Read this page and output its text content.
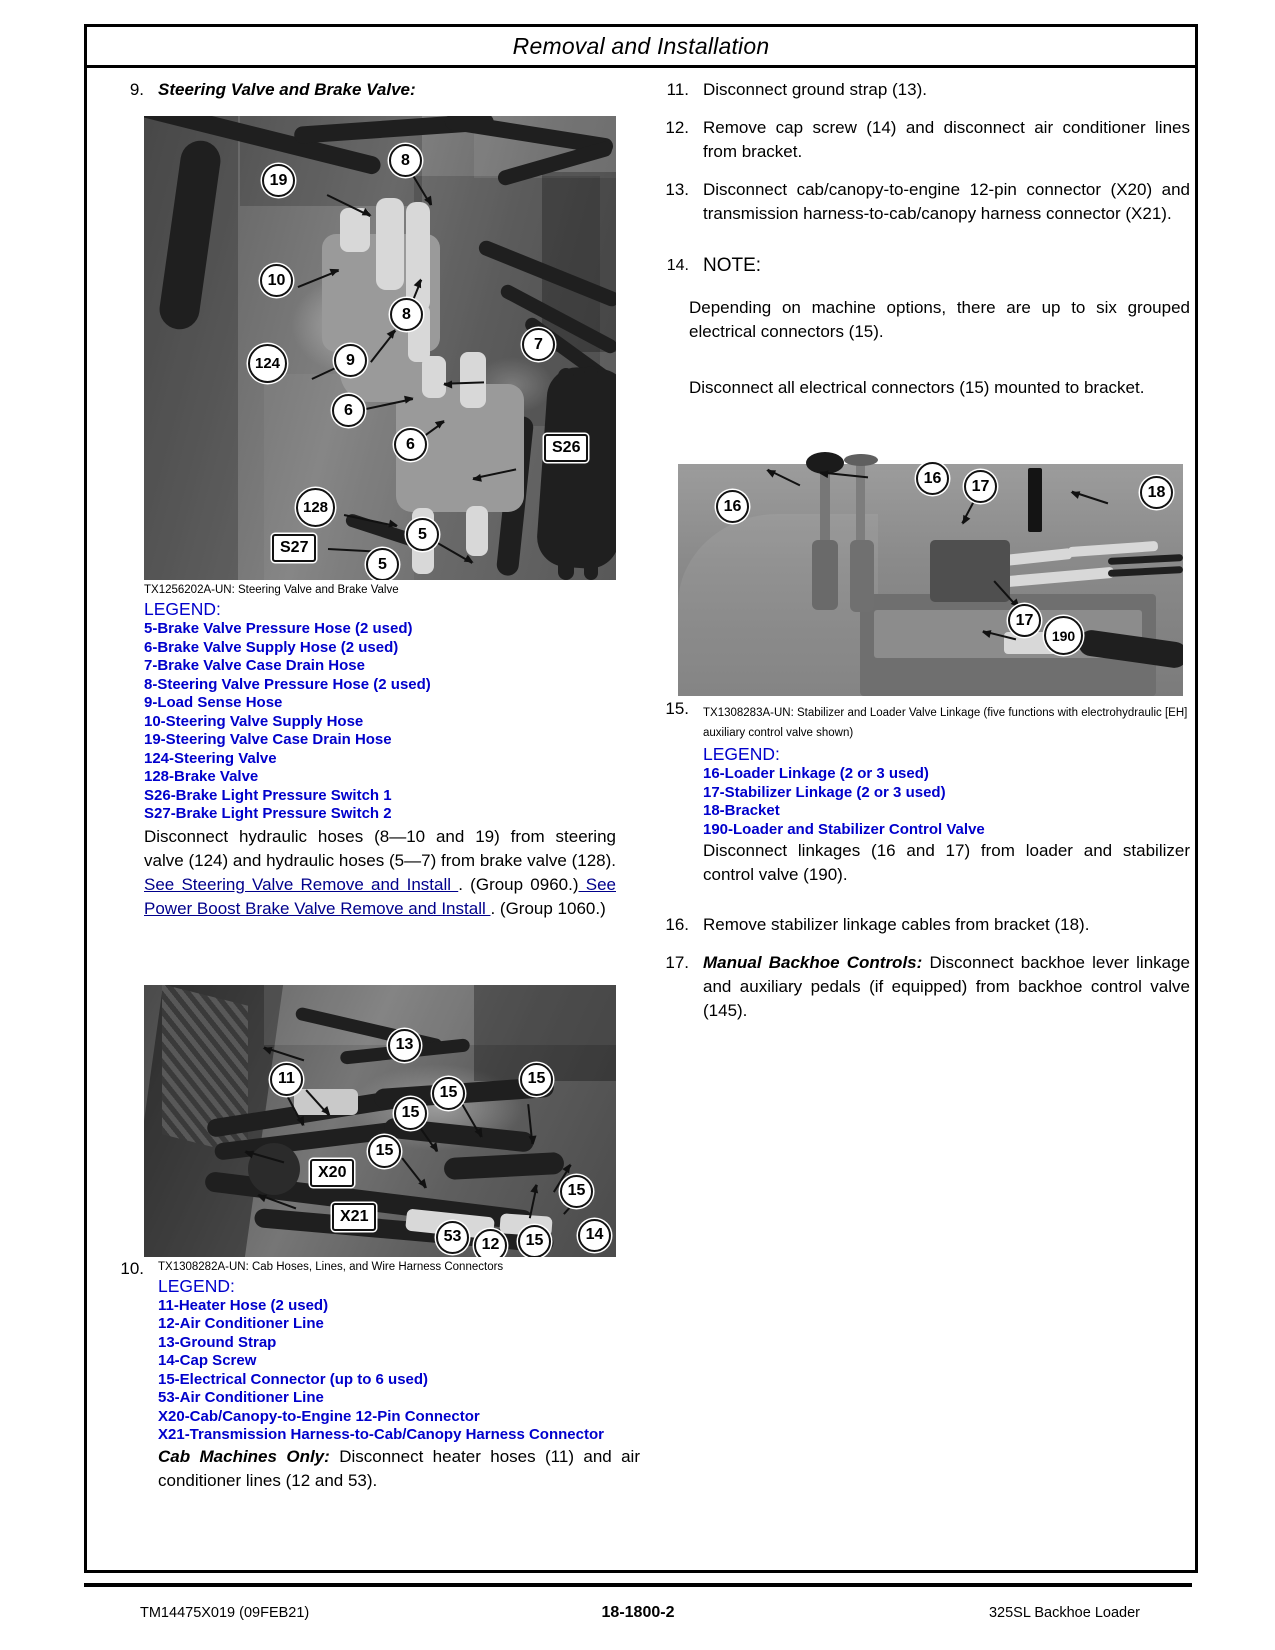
Removal and Installation
9. Steering Valve and Brake Valve:
19
8
10
8
124	9
7
6
6
128
S27
5
5
S26
TX1256202A-UN: Steering Valve and Brake Valve
LEGEND:
5-Brake Valve Pressure Hose (2 used)
6-Brake Valve Supply Hose (2 used)
7-Brake Valve Case Drain Hose
8-Steering Valve Pressure Hose (2 used)
9-Load Sense Hose
10-Steering Valve Supply Hose
19-Steering Valve Case Drain Hose
124-Steering Valve
128-Brake Valve
S26-Brake Light Pressure Switch 1
S27-Brake Light Pressure Switch 2
Disconnect hydraulic hoses (8—10 and 19) from steering valve (124) and hydraulic hoses (5—7) from brake valve (128). See Steering Valve Remove and Install . (Group 0960.) See Power Boost Brake Valve Remove and Install . (Group 1060.)
13
11
15
15
15
15
X20
X21
53	12	15
15
14
10.	TX1308282A-UN: Cab Hoses, Lines, and Wire Harness Connectors
LEGEND:
11-Heater Hose (2 used)
12-Air Conditioner Line
13-Ground Strap
14-Cap Screw
15-Electrical Connector (up to 6 used)
53-Air Conditioner Line
X20-Cab/Canopy-to-Engine 12-Pin Connector
X21-Transmission Harness-to-Cab/Canopy Harness Connector
Cab Machines Only: Disconnect heater hoses (11) and air conditioner lines (12 and 53).
11. Disconnect ground strap (13).
12. Remove cap screw (14) and disconnect air conditioner lines from bracket.
13. Disconnect cab/canopy-to-engine 12-pin connector (X20) and transmission harness-to-cab/canopy harness connector (X21).
14. NOTE:
Depending on machine options, there are up to six grouped electrical connectors (15).
Disconnect all electrical connectors (15) mounted to bracket.
16
16	17	18
17
190
15.	TX1308283A-UN: Stabilizer and Loader Valve Linkage (five functions with electrohydraulic [EH] auxiliary control valve shown)
LEGEND:
16-Loader Linkage (2 or 3 used)
17-Stabilizer Linkage (2 or 3 used)
18-Bracket
190-Loader and Stabilizer Control Valve
Disconnect linkages (16 and 17) from loader and stabilizer control valve (190).
16. Remove stabilizer linkage cables from bracket (18).
17. Manual Backhoe Controls: Disconnect backhoe lever linkage and auxiliary pedals (if equipped) from backhoe control valve (145).
18-1800-2
TM14475X019 (09FEB21)	325SL Backhoe Loader
